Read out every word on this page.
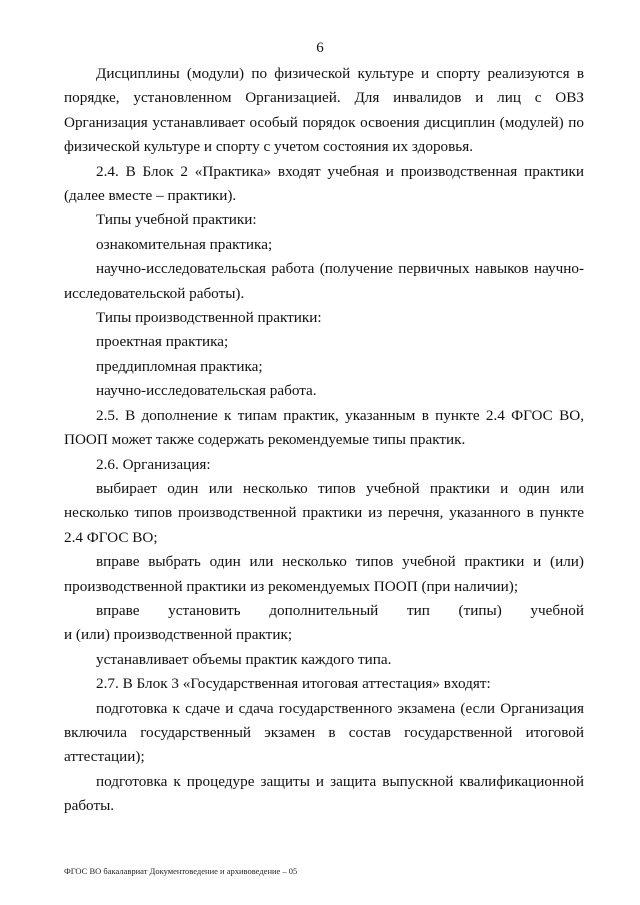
6

Дисциплины (модули) по физической культуре и спорту реализуются в порядке, установленном Организацией. Для инвалидов и лиц с ОВЗ Организация устанавливает особый порядок освоения дисциплин (модулей) по физической культуре и спорту с учетом состояния их здоровья.

2.4. В Блок 2 «Практика» входят учебная и производственная практики (далее вместе – практики).

Типы учебной практики:

ознакомительная практика;

научно-исследовательская работа (получение первичных навыков научно-исследовательской работы).

Типы производственной практики:

проектная практика;

преддипломная практика;

научно-исследовательская работа.

2.5. В дополнение к типам практик, указанным в пункте 2.4 ФГОС ВО, ПООП может также содержать рекомендуемые типы практик.

2.6. Организация:

выбирает один или несколько типов учебной практики и один или несколько типов производственной практики из перечня, указанного в пункте 2.4 ФГОС ВО;

вправе выбрать один или несколько типов учебной практики и (или) производственной практики из рекомендуемых ПООП (при наличии);

вправе установить дополнительный тип (типы) учебной

и (или) производственной практик;

устанавливает объемы практик каждого типа.

2.7. В Блок 3 «Государственная итоговая аттестация» входят:

подготовка к сдаче и сдача государственного экзамена (если Организация включила государственный экзамен в состав государственной итоговой аттестации);

подготовка к процедуре защиты и защита выпускной квалификационной работы.

ФГОС ВО бакалавриат Документоведение и архивоведение – 05
